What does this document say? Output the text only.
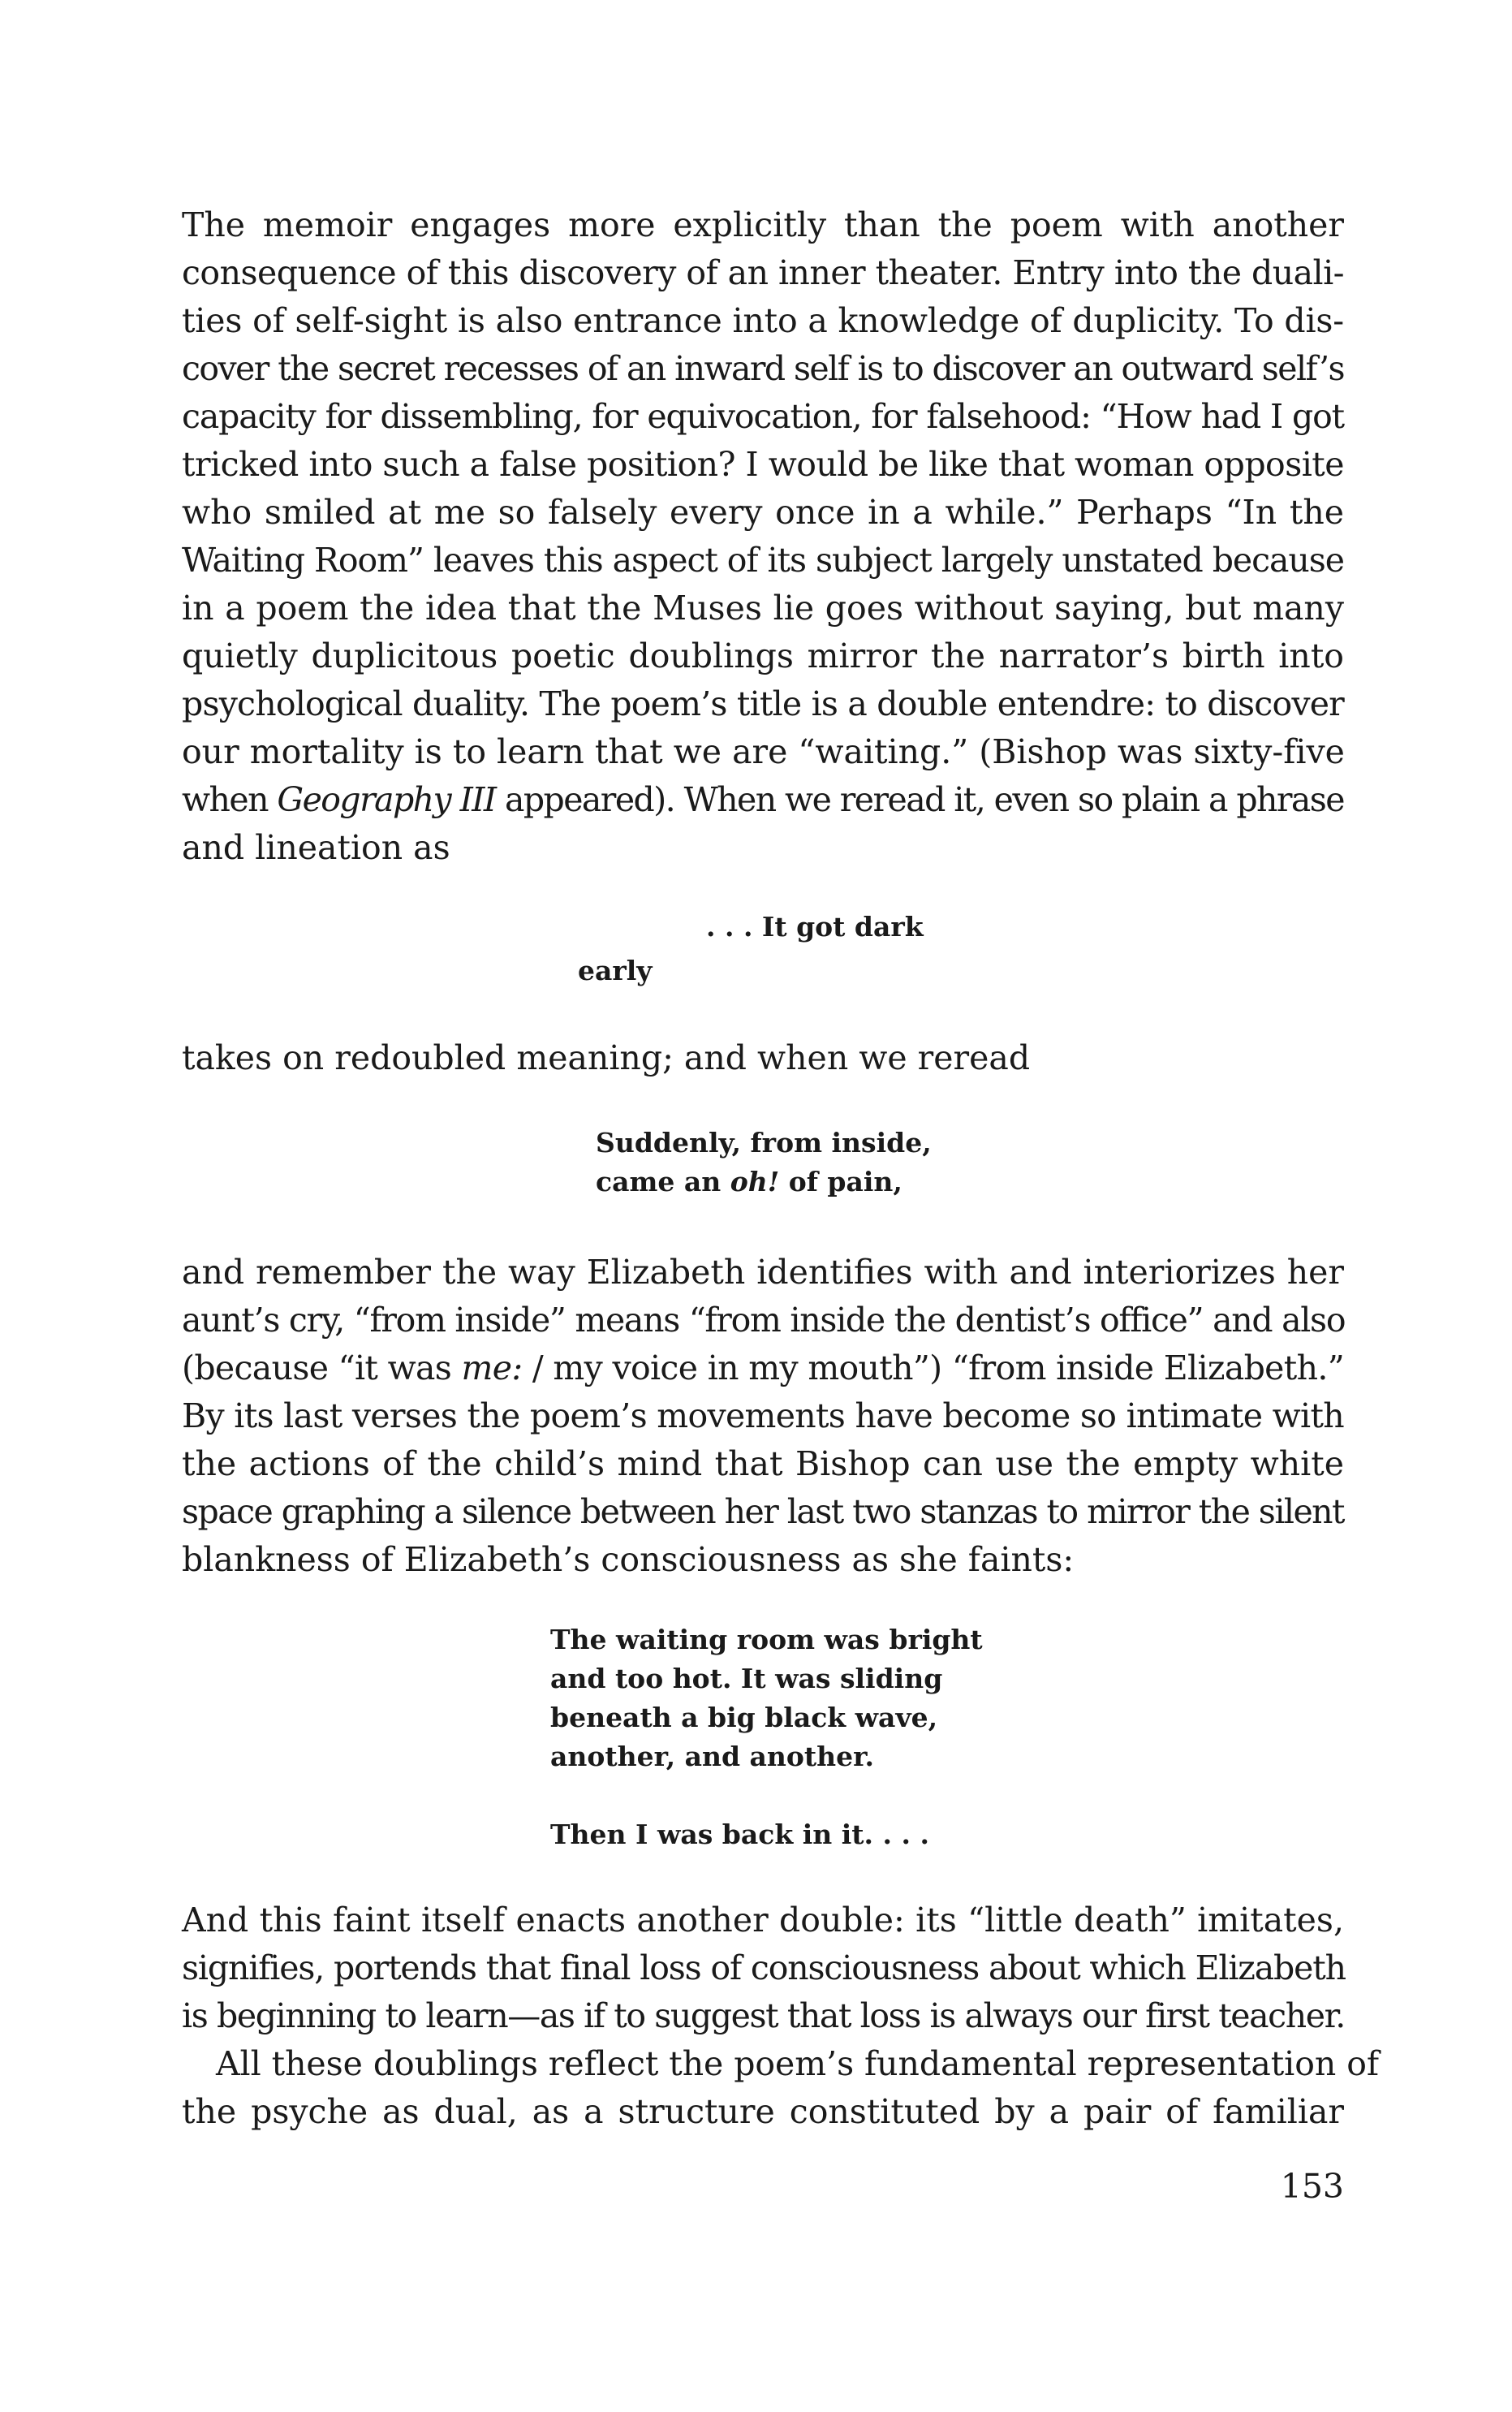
The memoir engages more explicitly than the poem with another
consequence of this discovery of an inner theater. Entry into the duali-
ties of self-sight is also entrance into a knowledge of duplicity. To dis-
cover the secret recesses of an inward self is to discover an outward self’s
capacity for dissembling, for equivocation, for falsehood: “How had I got
tricked into such a false position? I would be like that woman opposite
who smiled at me so falsely every once in a while.” Perhaps “In the
Waiting Room” leaves this aspect of its subject largely unstated because
in a poem the idea that the Muses lie goes without saying, but many
quietly duplicitous poetic doublings mirror the narrator’s birth into
psychological duality. The poem’s title is a double entendre: to discover
our mortality is to learn that we are “waiting.” (Bishop was sixty-five
when Geography III appeared). When we reread it, even so plain a phrase
and lineation as
. . . It got dark
early
takes on redoubled meaning; and when we reread
Suddenly, from inside,
came an oh! of pain,
and remember the way Elizabeth identifies with and interiorizes her
aunt’s cry, “from inside” means “from inside the dentist’s office” and also
(because “it was me: / my voice in my mouth”) “from inside Elizabeth.”
By its last verses the poem’s movements have become so intimate with
the actions of the child’s mind that Bishop can use the empty white
space graphing a silence between her last two stanzas to mirror the silent
blankness of Elizabeth’s consciousness as she faints:
The waiting room was bright
and too hot. It was sliding
beneath a big black wave,
another, and another.
Then I was back in it. . . .
And this faint itself enacts another double: its “little death” imitates,
signifies, portends that final loss of consciousness about which Elizabeth
is beginning to learn—as if to suggest that loss is always our first teacher.
All these doublings reflect the poem’s fundamental representation of
the psyche as dual, as a structure constituted by a pair of familiar
153
